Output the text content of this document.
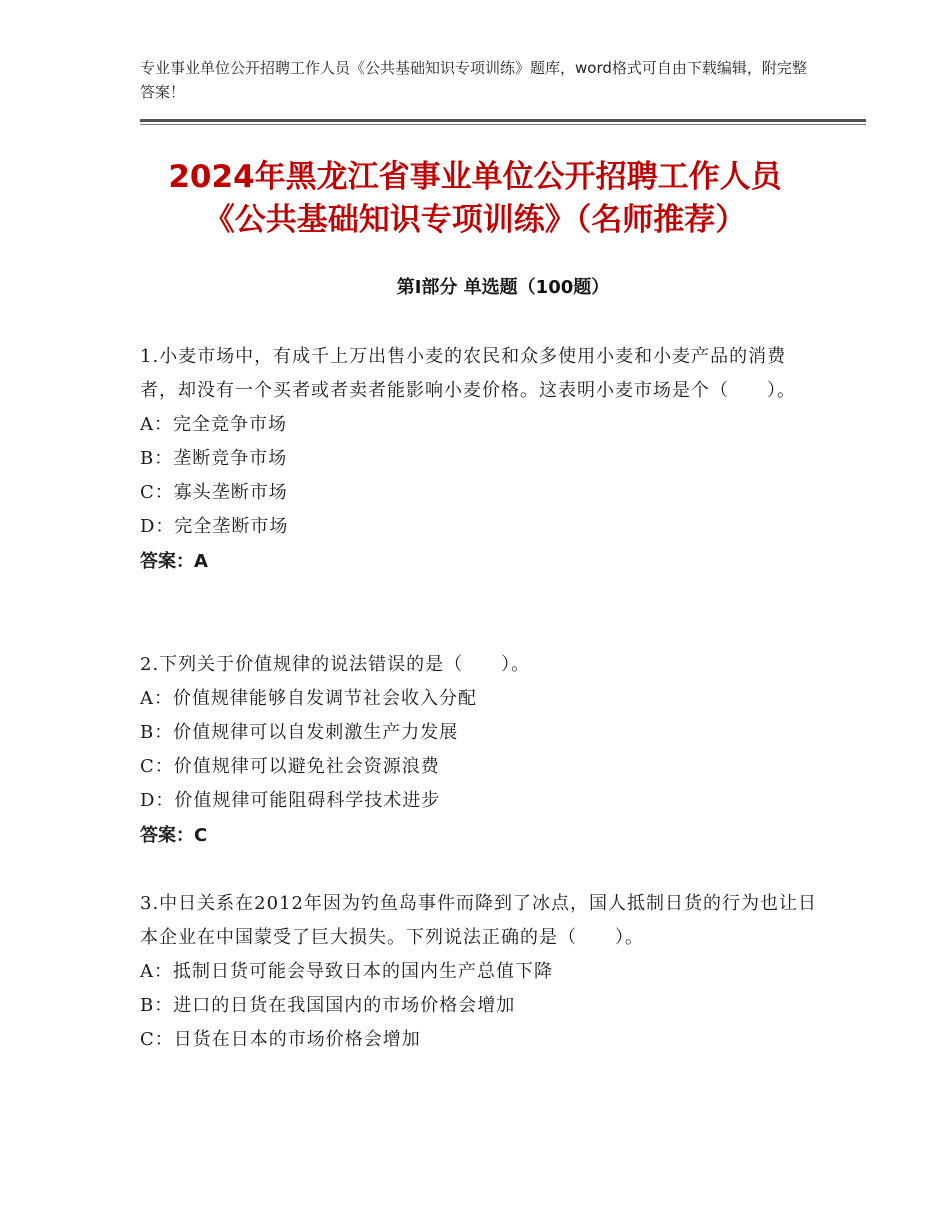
专业事业单位公开招聘工作人员《公共基础知识专项训练》题库，word格式可自由下载编辑，附完整答案！
2024年黑龙江省事业单位公开招聘工作人员
《公共基础知识专项训练》（名师推荐）
第Ⅰ部分 单选题（100题）
1.小麦市场中，有成千上万出售小麦的农民和众多使用小麦和小麦产品的消费者，却没有一个买者或者卖者能影响小麦价格。这表明小麦市场是个（　　）。
A：完全竞争市场
B：垄断竞争市场
C：寡头垄断市场
D：完全垄断市场
答案：A
2.下列关于价值规律的说法错误的是（　　）。
A：价值规律能够自发调节社会收入分配
B：价值规律可以自发刺激生产力发展
C：价值规律可以避免社会资源浪费
D：价值规律可能阻碍科学技术进步
答案：C
3.中日关系在2012年因为钓鱼岛事件而降到了冰点，国人抵制日货的行为也让日本企业在中国蒙受了巨大损失。下列说法正确的是（　　）。
A：抵制日货可能会导致日本的国内生产总值下降
B：进口的日货在我国国内的市场价格会增加
C：日货在日本的市场价格会增加
